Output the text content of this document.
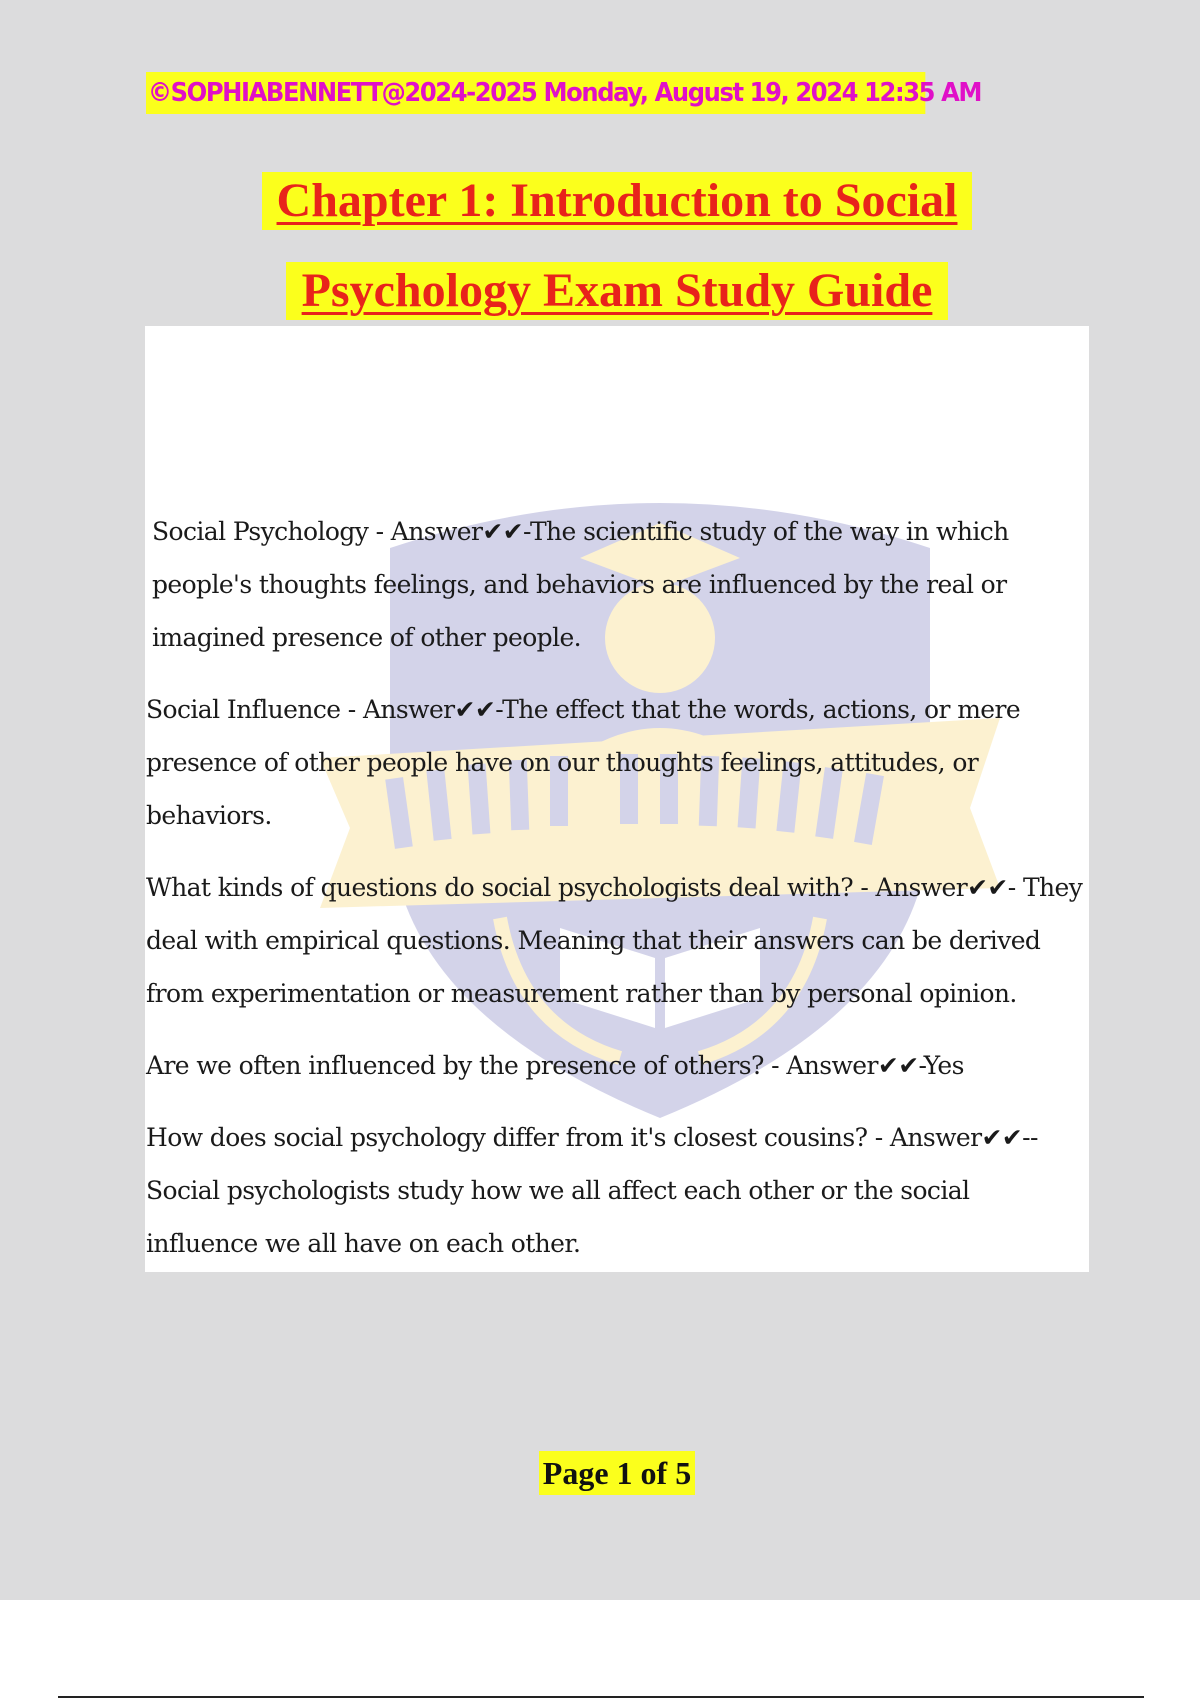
©SOPHIABENNETT@2024-2025 Monday, August 19, 2024 12:35 AM
Chapter 1: Introduction to Social
Psychology Exam Study Guide
Social Psychology - Answer✔✔-The scientific study of the way in which people's thoughts feelings, and behaviors are influenced by the real or imagined presence of other people.
Social Influence - Answer✔✔-The effect that the words, actions, or mere presence of other people have on our thoughts feelings, attitudes, or behaviors.
What kinds of questions do social psychologists deal with? - Answer✔✔- They deal with empirical questions. Meaning that their answers can be derived from experimentation or measurement rather than by personal opinion.
Are we often influenced by the presence of others? - Answer✔✔-Yes
How does social psychology differ from it's closest cousins? - Answer✔✔-- Social psychologists study how we all affect each other or the social influence we all have on each other.
Page 1 of 5
